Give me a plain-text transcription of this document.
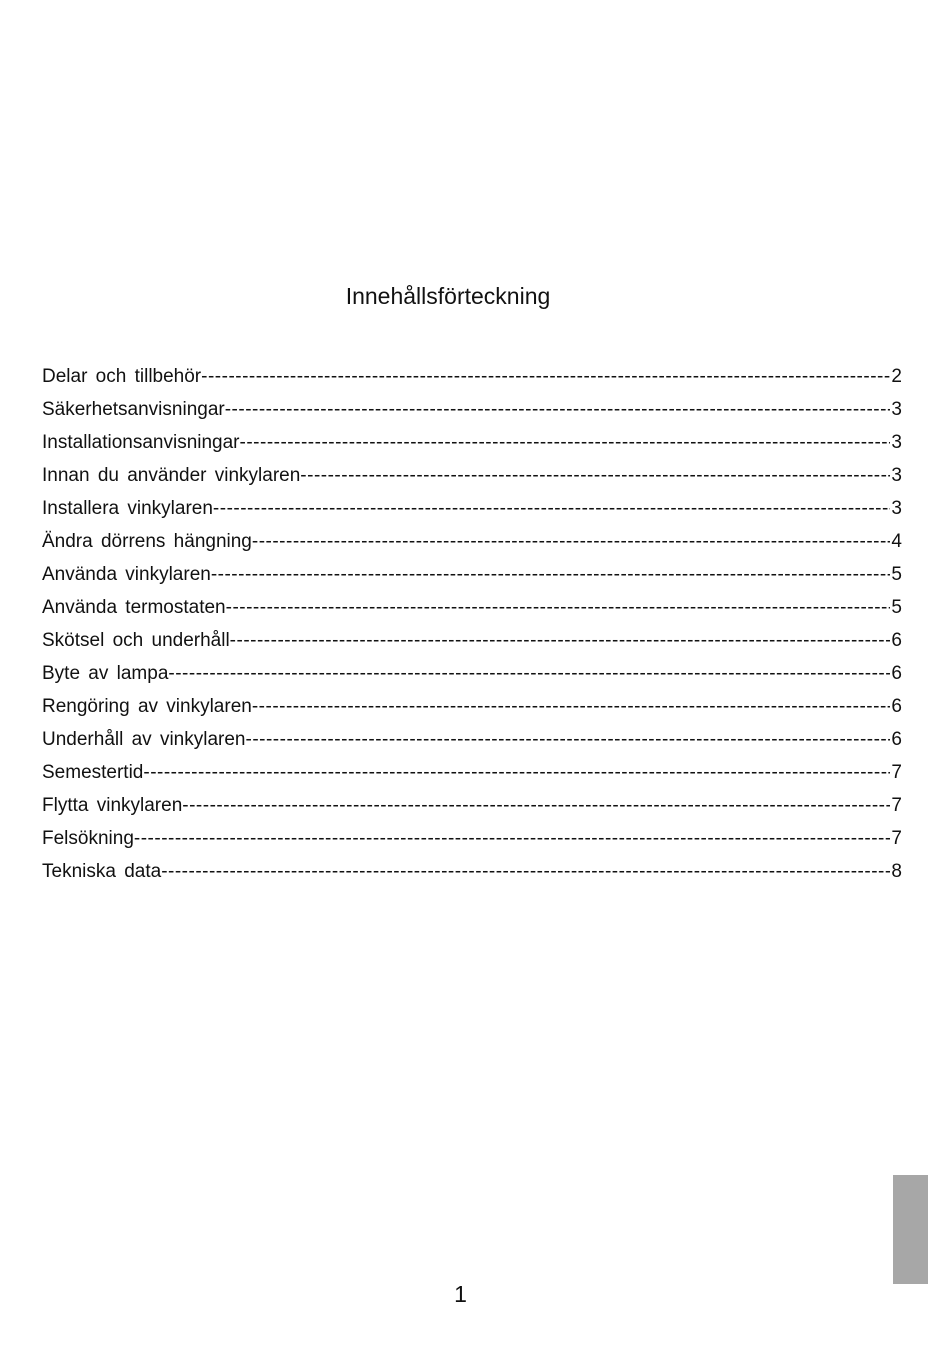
Innehållsförteckning
Delar och tillbehör -----	2
Säkerhetsanvisningar -----	3
Installationsanvisningar -----	3
Innan du använder vinkylaren -----	3
Installera vinkylaren -----	3
Ändra dörrens hängning -----	4
Använda vinkylaren -----	5
Använda termostaten -----	5
Skötsel och underhåll -----	6
Byte av lampa -----	6
Rengöring av vinkylaren -----	6
Underhåll av vinkylaren -----	6
Semestertid -----	7
Flytta vinkylaren -----	7
Felsökning -----	7
Tekniska data -----	8
1
